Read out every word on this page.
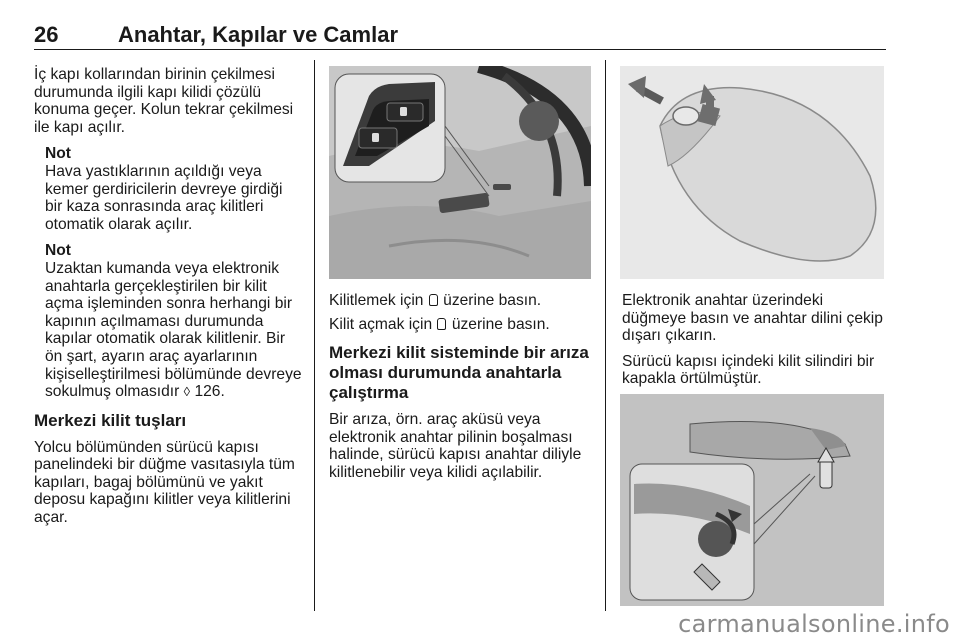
26	Anahtar, Kapılar ve Camlar

İç kapı kollarından birinin çekilmesi durumunda ilgili kapı kilidi çözülü konuma geçer. Kolun tekrar çekilmesi ile kapı açılır.

Not
Hava yastıklarının açıldığı veya kemer gerdiricilerin devreye girdiği bir kaza sonrasında araç kilitleri otomatik olarak açılır.
Not
Uzaktan kumanda veya elektronik anahtarla gerçekleştirilen bir kilit açma işleminden sonra herhangi bir kapının açılmaması durumunda kapılar otomatik olarak kilitlenir. Bir ön şart, ayarın araç ayarlarının kişiselleştirilmesi bölümünde devreye sokulmuş olmasıdır ◊ 126.
Merkezi kilit tuşları

Yolcu bölümünden sürücü kapısı panelindeki bir düğme vasıtasıyla tüm kapıları, bagaj bölümünü ve yakıt deposu kapağını kilitler veya kilitlerini açar.

Kilitlemek için üzerine basın.

Kilit açmak için üzerine basın.

Merkezi kilit sisteminde bir arıza olması durumunda anahtarla çalıştırma

Bir arıza, örn. araç aküsü veya elektronik anahtar pilinin boşalması halinde, sürücü kapısı anahtar diliyle kilitlenebilir veya kilidi açılabilir.

Elektronik anahtar üzerindeki düğmeye basın ve anahtar dilini çekip dışarı çıkarın.

Sürücü kapısı içindeki kilit silindiri bir kapakla örtülmüştür.

carmanualsonline.info
